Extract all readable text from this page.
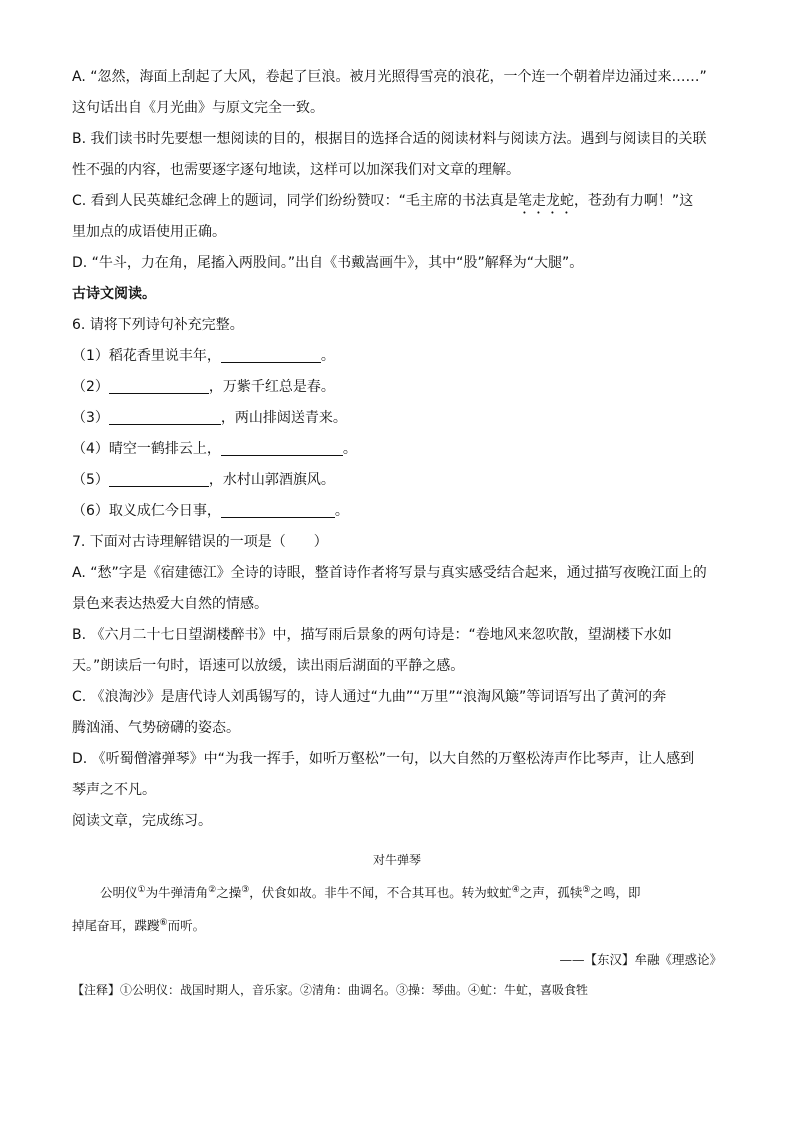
A. “忽然，海面上刮起了大风，卷起了巨浪。被月光照得雪亮的浪花，一个连一个朝着岸边涌过来……”
这句话出自《月光曲》与原文完全一致。
B. 我们读书时先要想一想阅读的目的，根据目的选择合适的阅读材料与阅读方法。遇到与阅读目的关联
性不强的内容，也需要逐字逐句地读，这样可以加深我们对文章的理解。
C. 看到人民英雄纪念碑上的题词，同学们纷纷赞叹：“毛主席的书法真是笔走龙蛇，苍劲有力啊！”这
里加点的成语使用正确。
D. “牛斗，力在角，尾搐入两股间。”出自《书戴嵩画牛》，其中“股”解释为“大腿”。
古诗文阅读。
6. 请将下列诗句补充完整。
（1）稻花香里说丰年，	。
（2）	，万紫千红总是春。
（3）	，两山排闼送青来。
（4）晴空一鹤排云上，	。
（5）	，水村山郭酒旗风。
（6）取义成仁今日事，	。
7. 下面对古诗理解错误的一项是（　　）
A. “愁”字是《宿建德江》全诗的诗眼，整首诗作者将写景与真实感受结合起来，通过描写夜晚江面上的
景色来表达热爱大自然的情感。
B. 《六月二十七日望湖楼醉书》中，描写雨后景象的两句诗是：“卷地风来忽吹散，望湖楼下水如
天。”朗读后一句时，语速可以放缓，读出雨后湖面的平静之感。
C. 《浪淘沙》是唐代诗人刘禹锡写的，诗人通过“九曲”“万里”“浪淘风簸”等词语写出了黄河的奔
腾汹涌、气势磅礴的姿态。
D. 《听蜀僧濬弹琴》中“为我一挥手，如听万壑松”一句，以大自然的万壑松涛声作比琴声，让人感到
琴声之不凡。
阅读文章，完成练习。
对牛弹琴
公明仪①为牛弹清角②之操③，伏食如故。非牛不闻，不合其耳也。转为蚊虻④之声，孤犊⑤之鸣，即
掉尾奋耳，蹀躞⑥而听。
——【东汉】牟融《理惑论》
【注释】①公明仪：战国时期人，音乐家。②清角：曲调名。③操：琴曲。④虻：牛虻，喜吸食牲
